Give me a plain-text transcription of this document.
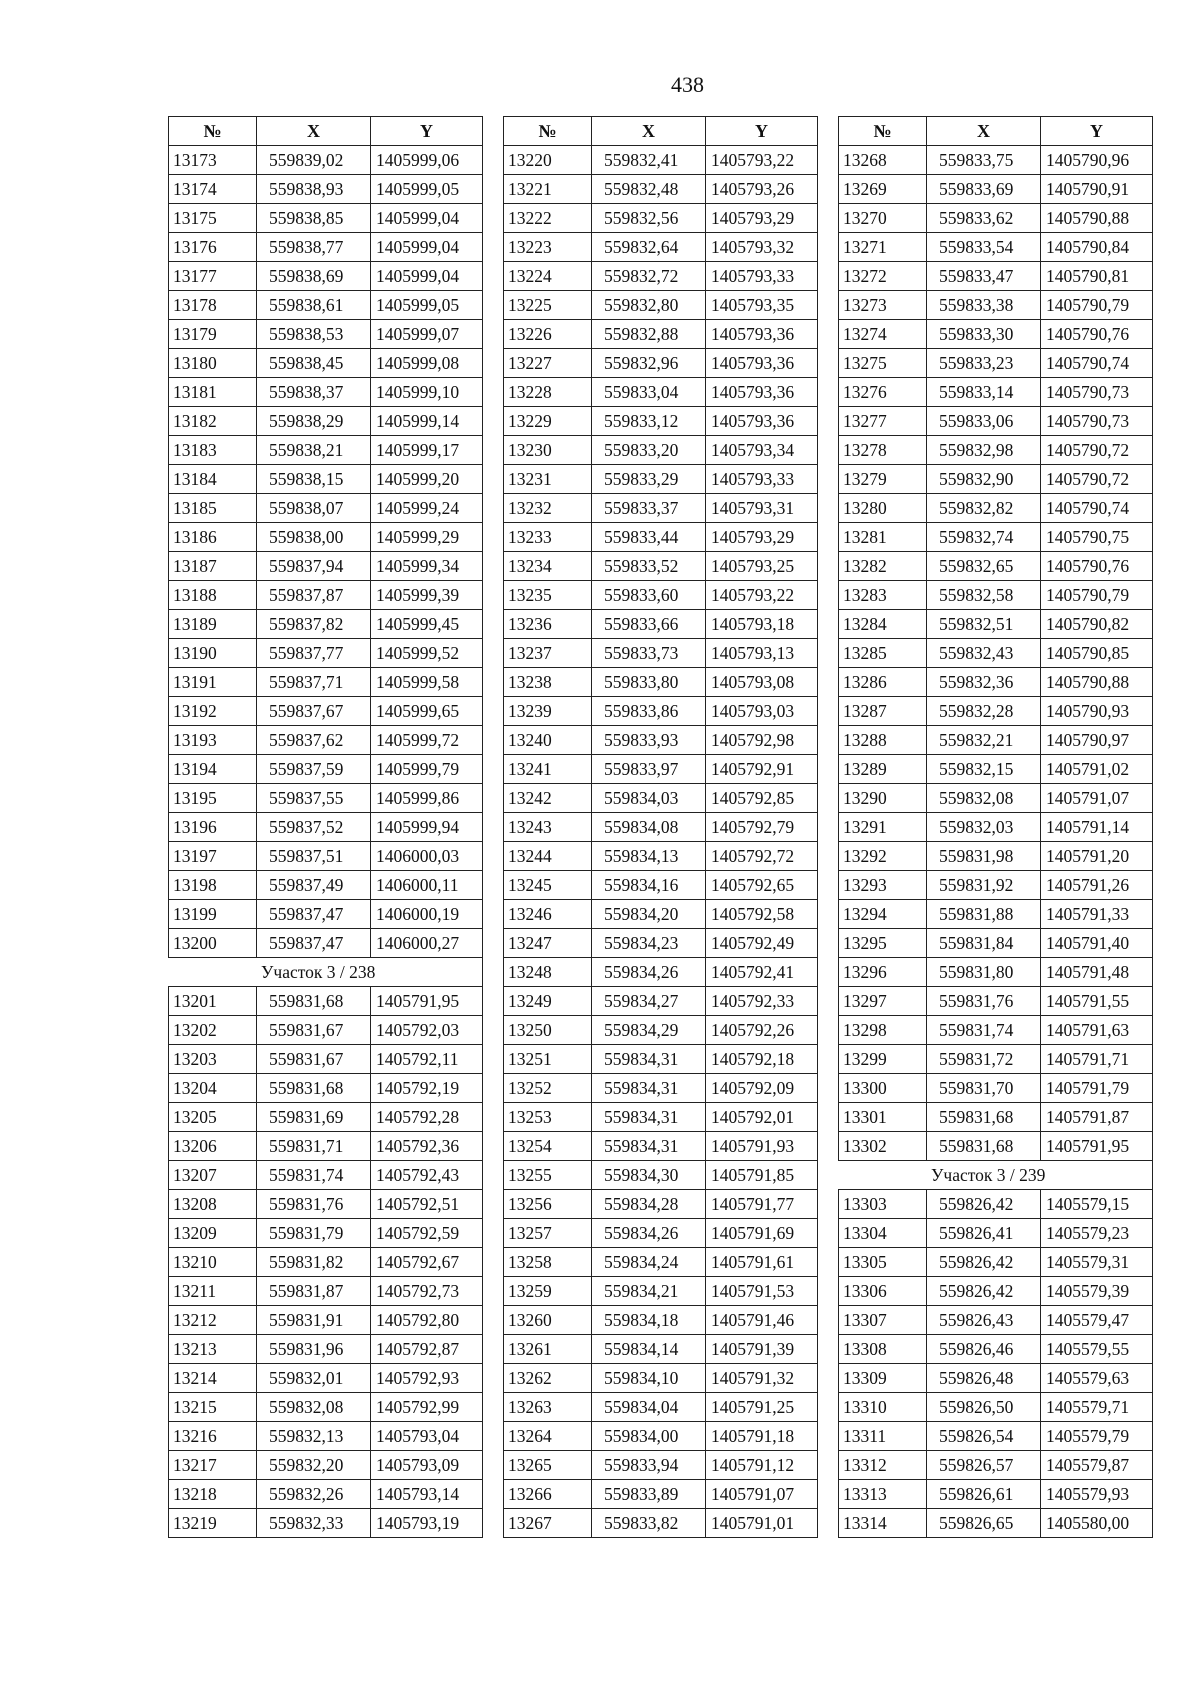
438
№	X	Y
13173	559839,02	1405999,06
13174	559838,93	1405999,05
13175	559838,85	1405999,04
13176	559838,77	1405999,04
13177	559838,69	1405999,04
13178	559838,61	1405999,05
13179	559838,53	1405999,07
13180	559838,45	1405999,08
13181	559838,37	1405999,10
13182	559838,29	1405999,14
13183	559838,21	1405999,17
13184	559838,15	1405999,20
13185	559838,07	1405999,24
13186	559838,00	1405999,29
13187	559837,94	1405999,34
13188	559837,87	1405999,39
13189	559837,82	1405999,45
13190	559837,77	1405999,52
13191	559837,71	1405999,58
13192	559837,67	1405999,65
13193	559837,62	1405999,72
13194	559837,59	1405999,79
13195	559837,55	1405999,86
13196	559837,52	1405999,94
13197	559837,51	1406000,03
13198	559837,49	1406000,11
13199	559837,47	1406000,19
13200	559837,47	1406000,27
Участок 3 / 238		
13201	559831,68	1405791,95
13202	559831,67	1405792,03
13203	559831,67	1405792,11
13204	559831,68	1405792,19
13205	559831,69	1405792,28
13206	559831,71	1405792,36
13207	559831,74	1405792,43
13208	559831,76	1405792,51
13209	559831,79	1405792,59
13210	559831,82	1405792,67
13211	559831,87	1405792,73
13212	559831,91	1405792,80
13213	559831,96	1405792,87
13214	559832,01	1405792,93
13215	559832,08	1405792,99
13216	559832,13	1405793,04
13217	559832,20	1405793,09
13218	559832,26	1405793,14
13219	559832,33	1405793,19
№	X	Y
13220	559832,41	1405793,22
13221	559832,48	1405793,26
13222	559832,56	1405793,29
13223	559832,64	1405793,32
13224	559832,72	1405793,33
13225	559832,80	1405793,35
13226	559832,88	1405793,36
13227	559832,96	1405793,36
13228	559833,04	1405793,36
13229	559833,12	1405793,36
13230	559833,20	1405793,34
13231	559833,29	1405793,33
13232	559833,37	1405793,31
13233	559833,44	1405793,29
13234	559833,52	1405793,25
13235	559833,60	1405793,22
13236	559833,66	1405793,18
13237	559833,73	1405793,13
13238	559833,80	1405793,08
13239	559833,86	1405793,03
13240	559833,93	1405792,98
13241	559833,97	1405792,91
13242	559834,03	1405792,85
13243	559834,08	1405792,79
13244	559834,13	1405792,72
13245	559834,16	1405792,65
13246	559834,20	1405792,58
13247	559834,23	1405792,49
13248	559834,26	1405792,41
13249	559834,27	1405792,33
13250	559834,29	1405792,26
13251	559834,31	1405792,18
13252	559834,31	1405792,09
13253	559834,31	1405792,01
13254	559834,31	1405791,93
13255	559834,30	1405791,85
13256	559834,28	1405791,77
13257	559834,26	1405791,69
13258	559834,24	1405791,61
13259	559834,21	1405791,53
13260	559834,18	1405791,46
13261	559834,14	1405791,39
13262	559834,10	1405791,32
13263	559834,04	1405791,25
13264	559834,00	1405791,18
13265	559833,94	1405791,12
13266	559833,89	1405791,07
13267	559833,82	1405791,01
№	X	Y
13268	559833,75	1405790,96
13269	559833,69	1405790,91
13270	559833,62	1405790,88
13271	559833,54	1405790,84
13272	559833,47	1405790,81
13273	559833,38	1405790,79
13274	559833,30	1405790,76
13275	559833,23	1405790,74
13276	559833,14	1405790,73
13277	559833,06	1405790,73
13278	559832,98	1405790,72
13279	559832,90	1405790,72
13280	559832,82	1405790,74
13281	559832,74	1405790,75
13282	559832,65	1405790,76
13283	559832,58	1405790,79
13284	559832,51	1405790,82
13285	559832,43	1405790,85
13286	559832,36	1405790,88
13287	559832,28	1405790,93
13288	559832,21	1405790,97
13289	559832,15	1405791,02
13290	559832,08	1405791,07
13291	559832,03	1405791,14
13292	559831,98	1405791,20
13293	559831,92	1405791,26
13294	559831,88	1405791,33
13295	559831,84	1405791,40
13296	559831,80	1405791,48
13297	559831,76	1405791,55
13298	559831,74	1405791,63
13299	559831,72	1405791,71
13300	559831,70	1405791,79
13301	559831,68	1405791,87
13302	559831,68	1405791,95
Участок 3 / 239		
13303	559826,42	1405579,15
13304	559826,41	1405579,23
13305	559826,42	1405579,31
13306	559826,42	1405579,39
13307	559826,43	1405579,47
13308	559826,46	1405579,55
13309	559826,48	1405579,63
13310	559826,50	1405579,71
13311	559826,54	1405579,79
13312	559826,57	1405579,87
13313	559826,61	1405579,93
13314	559826,65	1405580,00
